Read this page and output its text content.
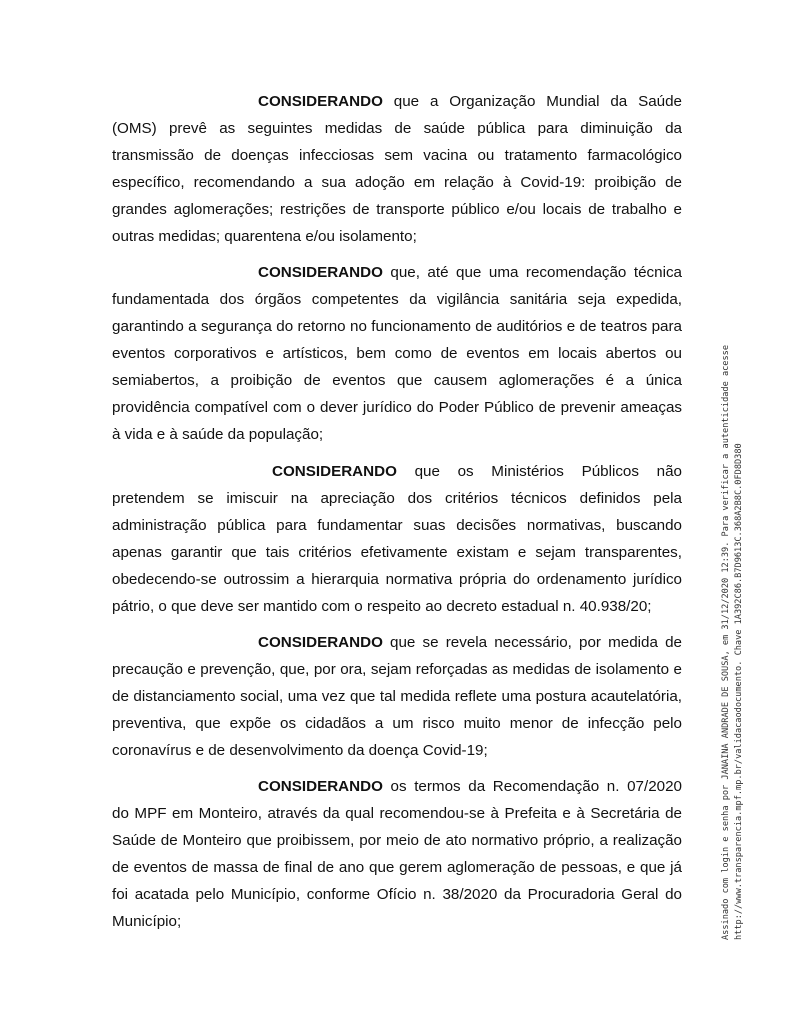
CONSIDERANDO que a Organização Mundial da Saúde (OMS) prevê as seguintes medidas de saúde pública para diminuição da transmissão de doenças infecciosas sem vacina ou tratamento farmacológico específico, recomendando a sua adoção em relação à Covid-19: proibição de grandes aglomerações; restrições de transporte público e/ou locais de trabalho e outras medidas; quarentena e/ou isolamento;

CONSIDERANDO que, até que uma recomendação técnica fundamentada dos órgãos competentes da vigilância sanitária seja expedida, garantindo a segurança do retorno no funcionamento de auditórios e de teatros para eventos corporativos e artísticos, bem como de eventos em locais abertos ou semiabertos, a proibição de eventos que causem aglomerações é a única providência compatível com o dever jurídico do Poder Público de prevenir ameaças à vida e à saúde da população;

CONSIDERANDO que os Ministérios Públicos não pretendem se imiscuir na apreciação dos critérios técnicos definidos pela administração pública para fundamentar suas decisões normativas, buscando apenas garantir que tais critérios efetivamente existam e sejam transparentes, obedecendo-se outrossim a hierarquia normativa própria do ordenamento jurídico pátrio, o que deve ser mantido com o respeito ao decreto estadual n. 40.938/20;

CONSIDERANDO que se revela necessário, por medida de precaução e prevenção, que, por ora, sejam reforçadas as medidas de isolamento e de distanciamento social, uma vez que tal medida reflete uma postura acautelatória, preventiva, que expõe os cidadãos a um risco muito menor de infecção pelo coronavírus e de desenvolvimento da doença Covid-19;

CONSIDERANDO os termos da Recomendação n. 07/2020 do MPF em Monteiro, através da qual recomendou-se à Prefeita e à Secretária de Saúde de Monteiro que proibissem, por meio de ato normativo próprio, a realização de eventos de massa de final de ano que gerem aglomeração de pessoas, e que já foi acatada pelo Município, conforme Ofício n. 38/2020 da Procuradoria Geral do Município;	Assinado com login e senha por JANAINA ANDRADE DE SOUSA, em 31/12/2020 12:39. Para verificar a autenticidade acesse http://www.transparencia.mpf.mp.br/validacaodocumento. Chave 1A392C86.B7D9613C.368A2B8C.0FD8D380
